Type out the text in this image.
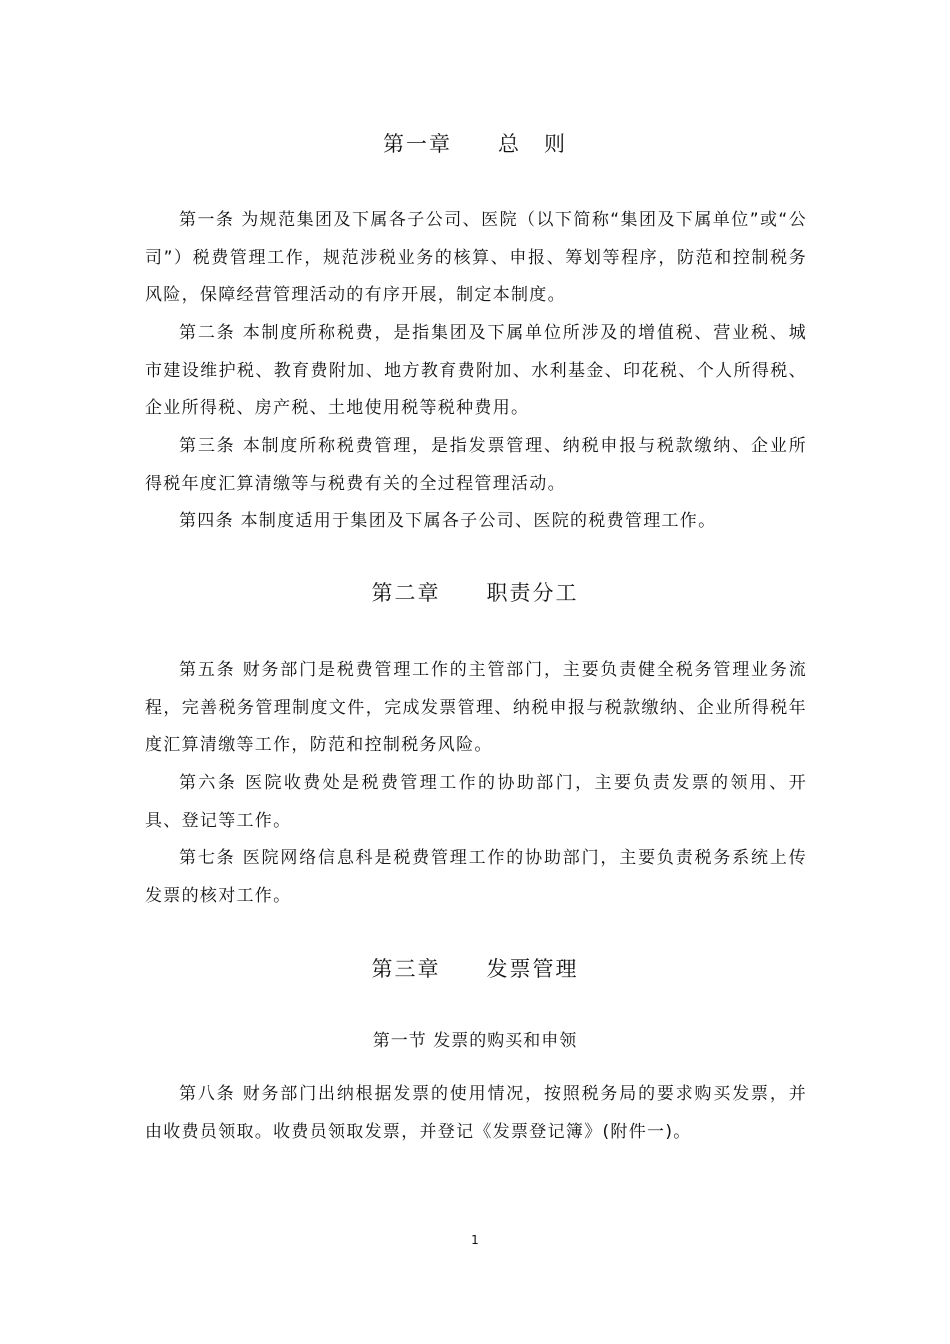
第一章　　总　则

第一条 为规范集团及下属各子公司、医院（以下简称“集团及下属单位”或“公司”）税费管理工作，规范涉税业务的核算、申报、筹划等程序，防范和控制税务风险，保障经营管理活动的有序开展，制定本制度。

第二条 本制度所称税费，是指集团及下属单位所涉及的增值税、营业税、城市建设维护税、教育费附加、地方教育费附加、水利基金、印花税、个人所得税、企业所得税、房产税、土地使用税等税种费用。

第三条 本制度所称税费管理，是指发票管理、纳税申报与税款缴纳、企业所得税年度汇算清缴等与税费有关的全过程管理活动。

第四条 本制度适用于集团及下属各子公司、医院的税费管理工作。

第二章　　职责分工

第五条 财务部门是税费管理工作的主管部门，主要负责健全税务管理业务流程，完善税务管理制度文件，完成发票管理、纳税申报与税款缴纳、企业所得税年度汇算清缴等工作，防范和控制税务风险。

第六条 医院收费处是税费管理工作的协助部门，主要负责发票的领用、开具、登记等工作。

第七条 医院网络信息科是税费管理工作的协助部门，主要负责税务系统上传发票的核对工作。

第三章　　发票管理
第一节 发票的购买和申领

第八条 财务部门出纳根据发票的使用情况，按照税务局的要求购买发票，并由收费员领取。收费员领取发票，并登记《发票登记簿》(附件一)。

1
